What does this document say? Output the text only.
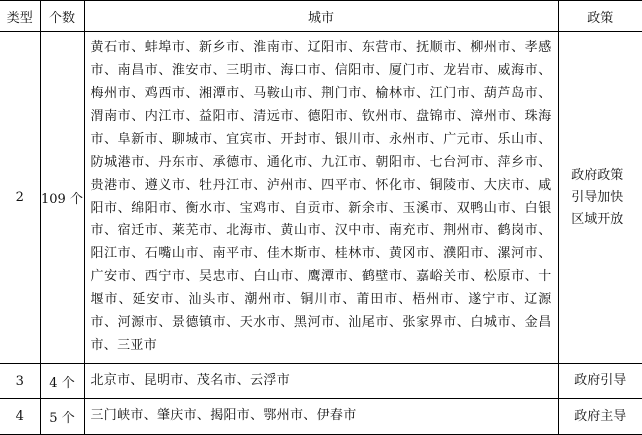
类型	个数	城市	政策
2	109 个	黄石市、蚌埠市、新乡市、淮南市、辽阳市、东营市、抚顺市、柳州市、孝感市、南昌市、淮安市、三明市、海口市、信阳市、厦门市、龙岩市、威海市、梅州市、鸡西市、湘潭市、马鞍山市、荆门市、榆林市、江门市、葫芦岛市、渭南市、内江市、益阳市、清远市、德阳市、钦州市、盘锦市、漳州市、珠海市、阜新市、聊城市、宜宾市、开封市、银川市、永州市、广元市、乐山市、防城港市、丹东市、承德市、通化市、九江市、朝阳市、七台河市、萍乡市、贵港市、遵义市、牡丹江市、泸州市、四平市、怀化市、铜陵市、大庆市、咸阳市、绵阳市、衡水市、宝鸡市、自贡市、新余市、玉溪市、双鸭山市、白银市、宿迁市、莱芜市、北海市、黄山市、汉中市、南充市、荆州市、鹤岗市、阳江市、石嘴山市、南平市、佳木斯市、桂林市、黄冈市、濮阳市、漯河市、广安市、西宁市、吴忠市、白山市、鹰潭市、鹤壁市、嘉峪关市、松原市、十堰市、延安市、汕头市、潮州市、铜川市、莆田市、梧州市、遂宁市、辽源市、河源市、景德镇市、天水市、黑河市、汕尾市、张家界市、白城市、金昌市、三亚市	政府政策引导加快区域开放

3	4 个	北京市、昆明市、茂名市、云浮市	政府引导
4	5 个	三门峡市、肇庆市、揭阳市、鄂州市、伊春市	政府主导
